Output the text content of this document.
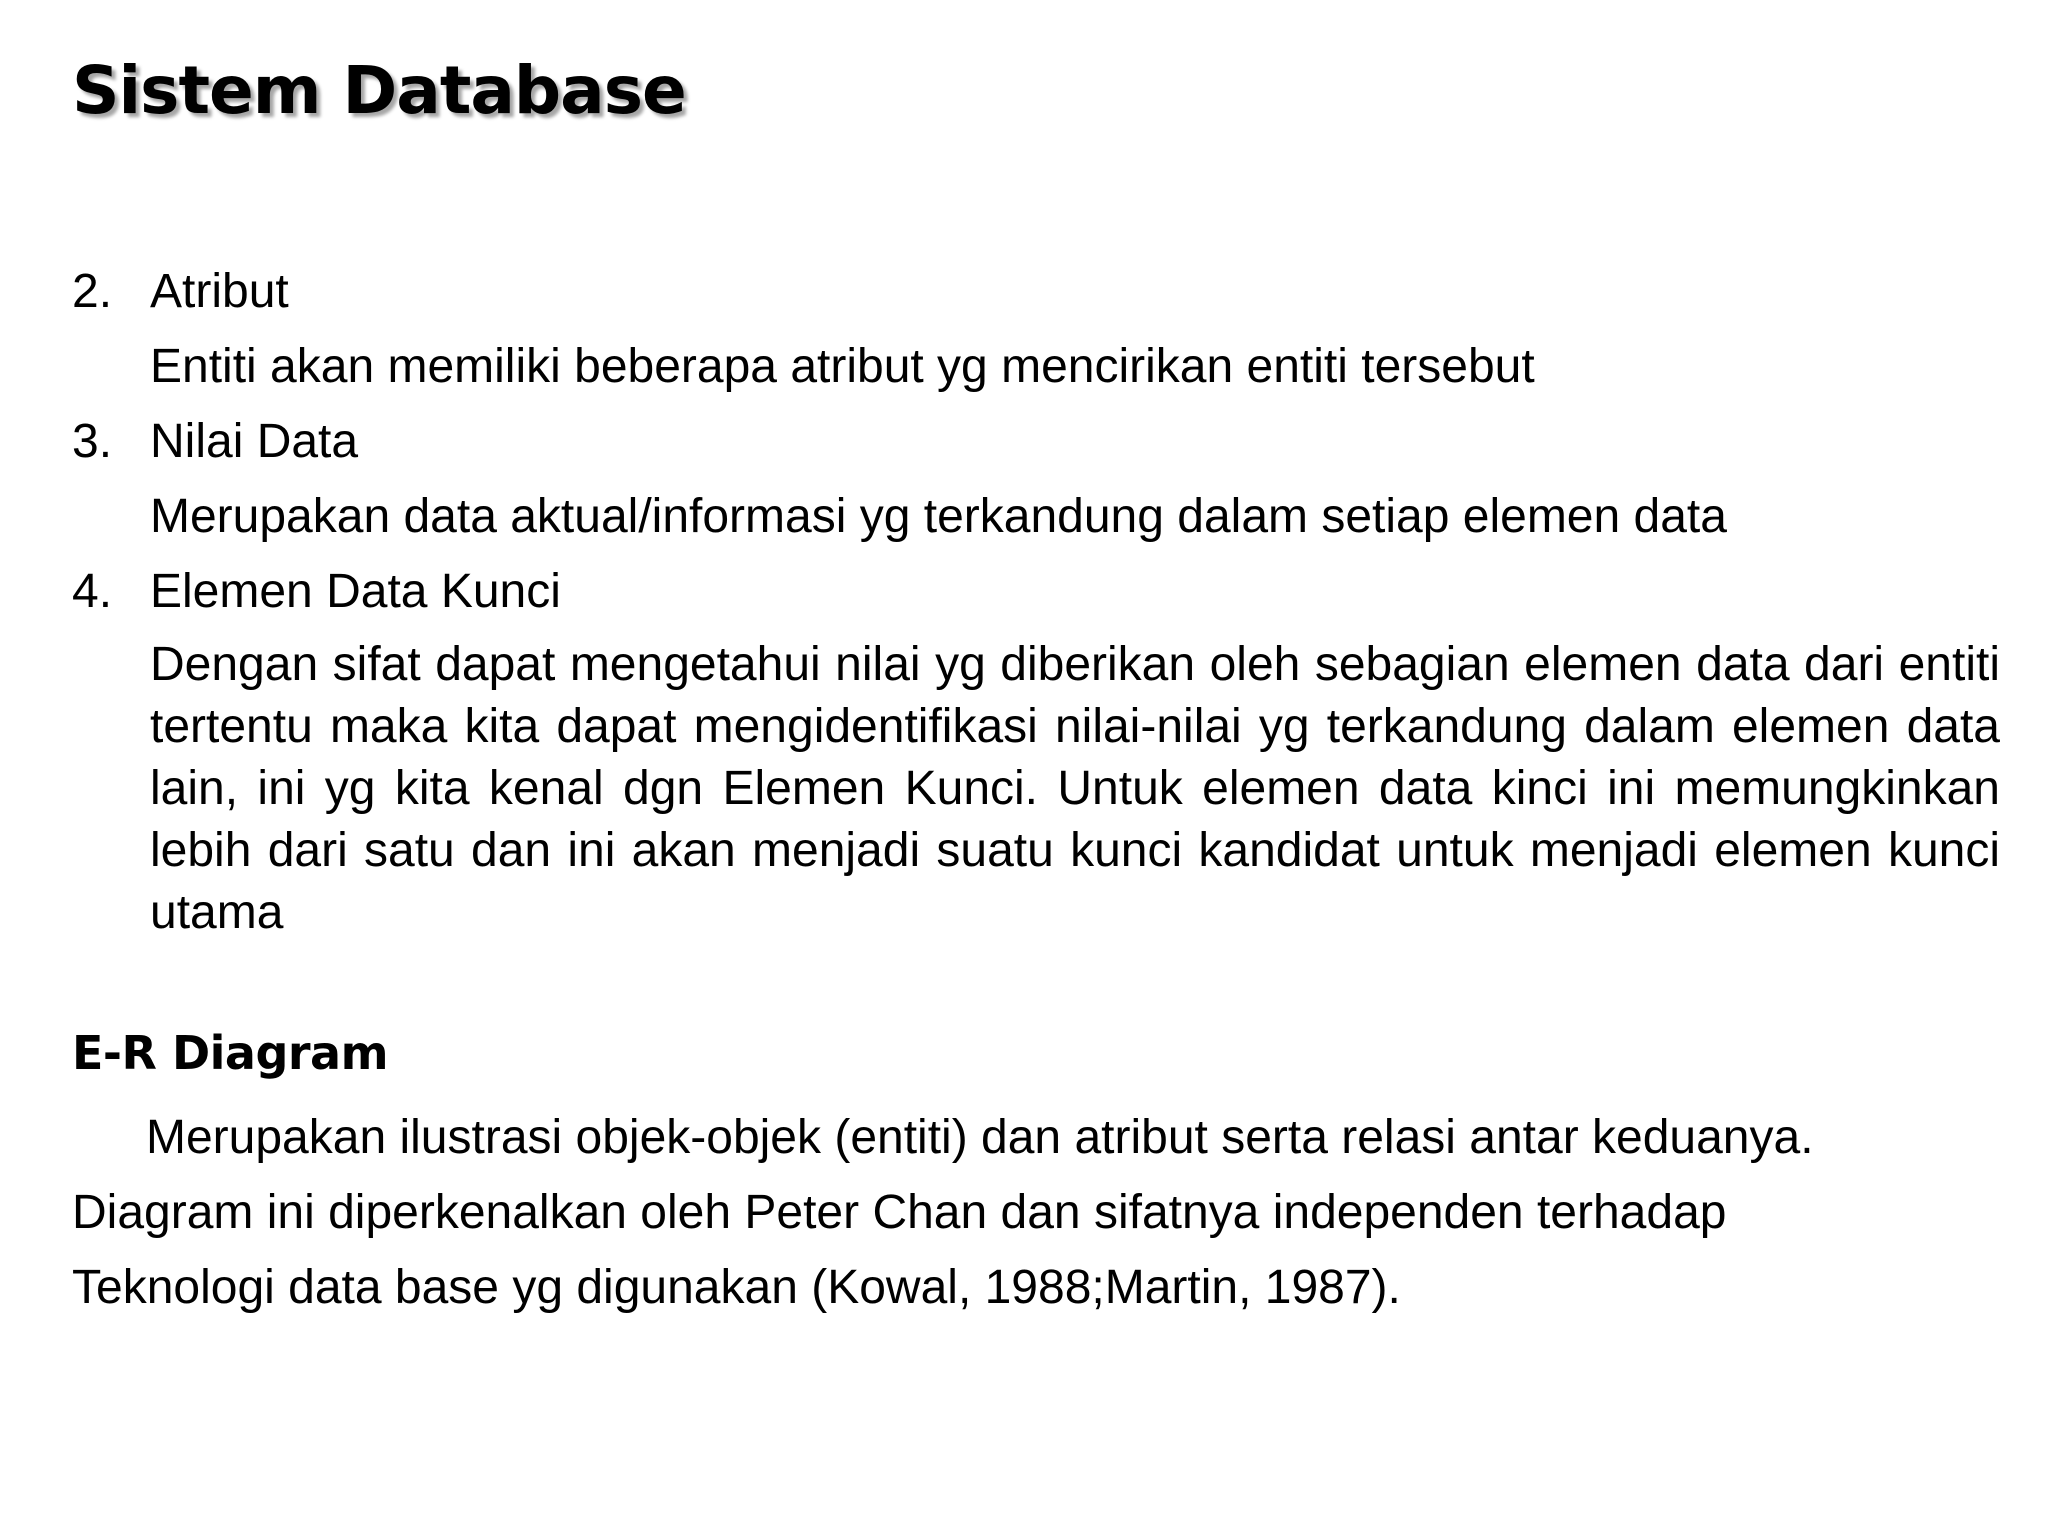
Sistem Database
2. Atribut
Entiti akan memiliki beberapa atribut yg mencirikan entiti tersebut
3. Nilai Data
Merupakan data aktual/informasi yg terkandung dalam setiap elemen data
4. Elemen Data Kunci
Dengan sifat dapat mengetahui nilai yg diberikan oleh sebagian elemen data dari entiti tertentu maka kita dapat mengidentifikasi nilai-nilai yg terkandung dalam elemen data lain, ini yg kita kenal dgn Elemen Kunci. Untuk elemen data kinci ini memungkinkan lebih dari satu dan ini akan menjadi suatu kunci kandidat untuk menjadi elemen kunci utama
E-R Diagram
Merupakan ilustrasi objek-objek (entiti) dan atribut serta relasi antar keduanya.
Diagram ini diperkenalkan oleh Peter Chan dan sifatnya independen terhadap
Teknologi data base yg digunakan (Kowal, 1988;Martin, 1987).
